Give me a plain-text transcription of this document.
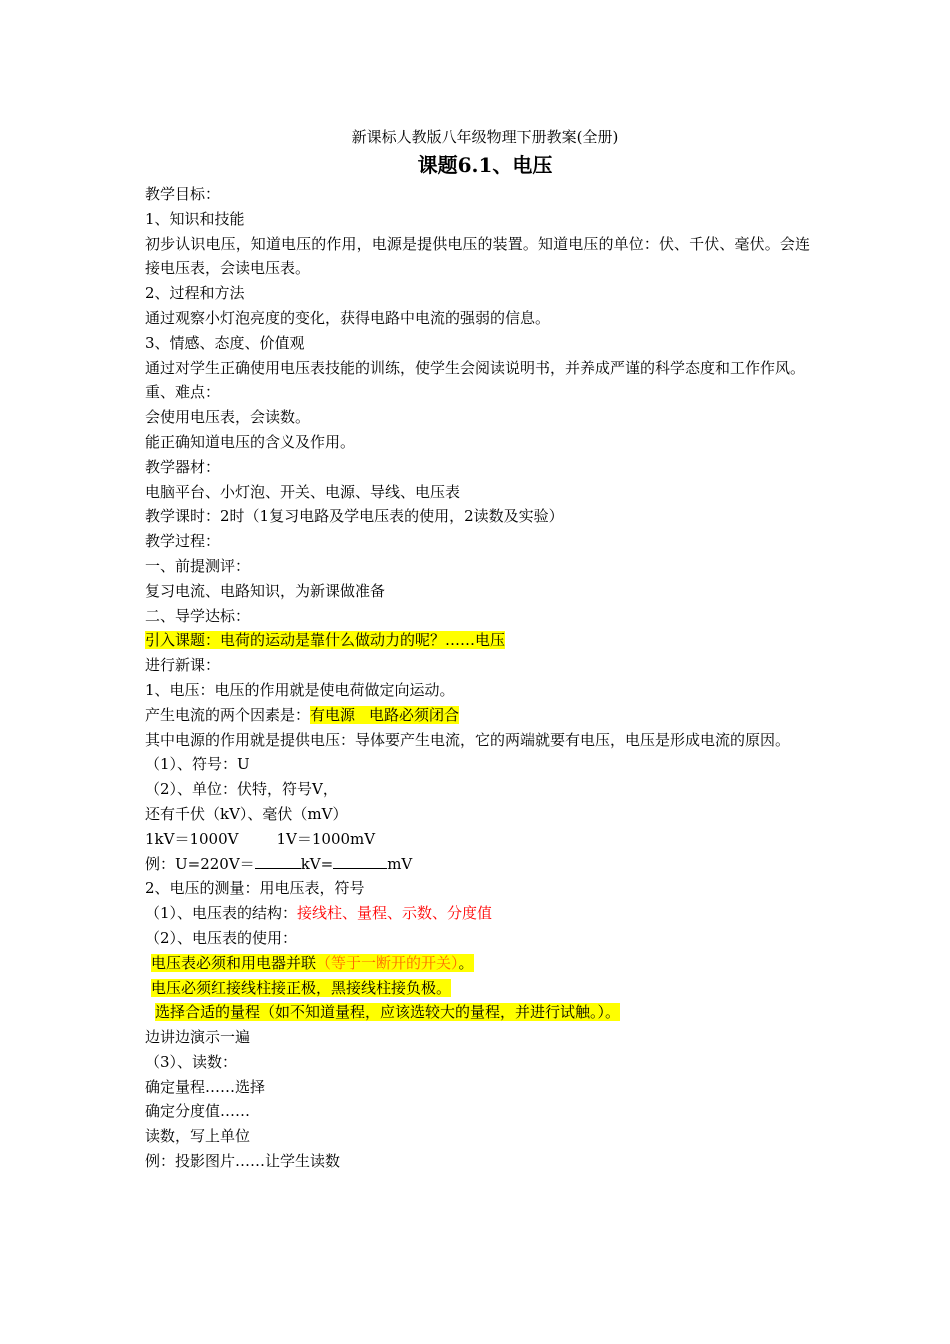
新课标人教版八年级物理下册教案(全册)
课题6.1、电压
教学目标：
1、知识和技能
初步认识电压，知道电压的作用，电源是提供电压的装置。知道电压的单位：伏、千伏、毫伏。会连接电压表，会读电压表。
2、过程和方法
通过观察小灯泡亮度的变化，获得电路中电流的强弱的信息。
3、情感、态度、价值观
通过对学生正确使用电压表技能的训练，使学生会阅读说明书，并养成严谨的科学态度和工作作风。
重、难点：
会使用电压表，会读数。
能正确知道电压的含义及作用。
教学器材：
电脑平台、小灯泡、开关、电源、导线、电压表
教学课时：2时（1复习电路及学电压表的使用，2读数及实验）
教学过程：
一、前提测评：
复习电流、电路知识，为新课做准备
二、导学达标：
引入课题：电荷的运动是靠什么做动力的呢？……电压
进行新课：
1、电压：电压的作用就是使电荷做定向运动。
产生电流的两个因素是：有电源 电路必须闭合
其中电源的作用就是提供电压：导体要产生电流，它的两端就要有电压，电压是形成电流的原因。
（1）、符号：U
（2）、单位：伏特，符号V，
还有千伏（kV）、毫伏（mV）
1kV＝1000V	1V＝1000mV
例：U=220V＝	kV=	mV
2、电压的测量：用电压表，符号
（1）、电压表的结构：接线柱、量程、示数、分度值
（2）、电压表的使用：
电压表必须和用电器并联（等于一断开的开关）。
电压必须红接线柱接正极，黑接线柱接负极。
选择合适的量程（如不知道量程，应该选较大的量程，并进行试触。）。
边讲边演示一遍
（3）、读数：
确定量程……选择
确定分度值……
读数，写上单位
例：投影图片……让学生读数
